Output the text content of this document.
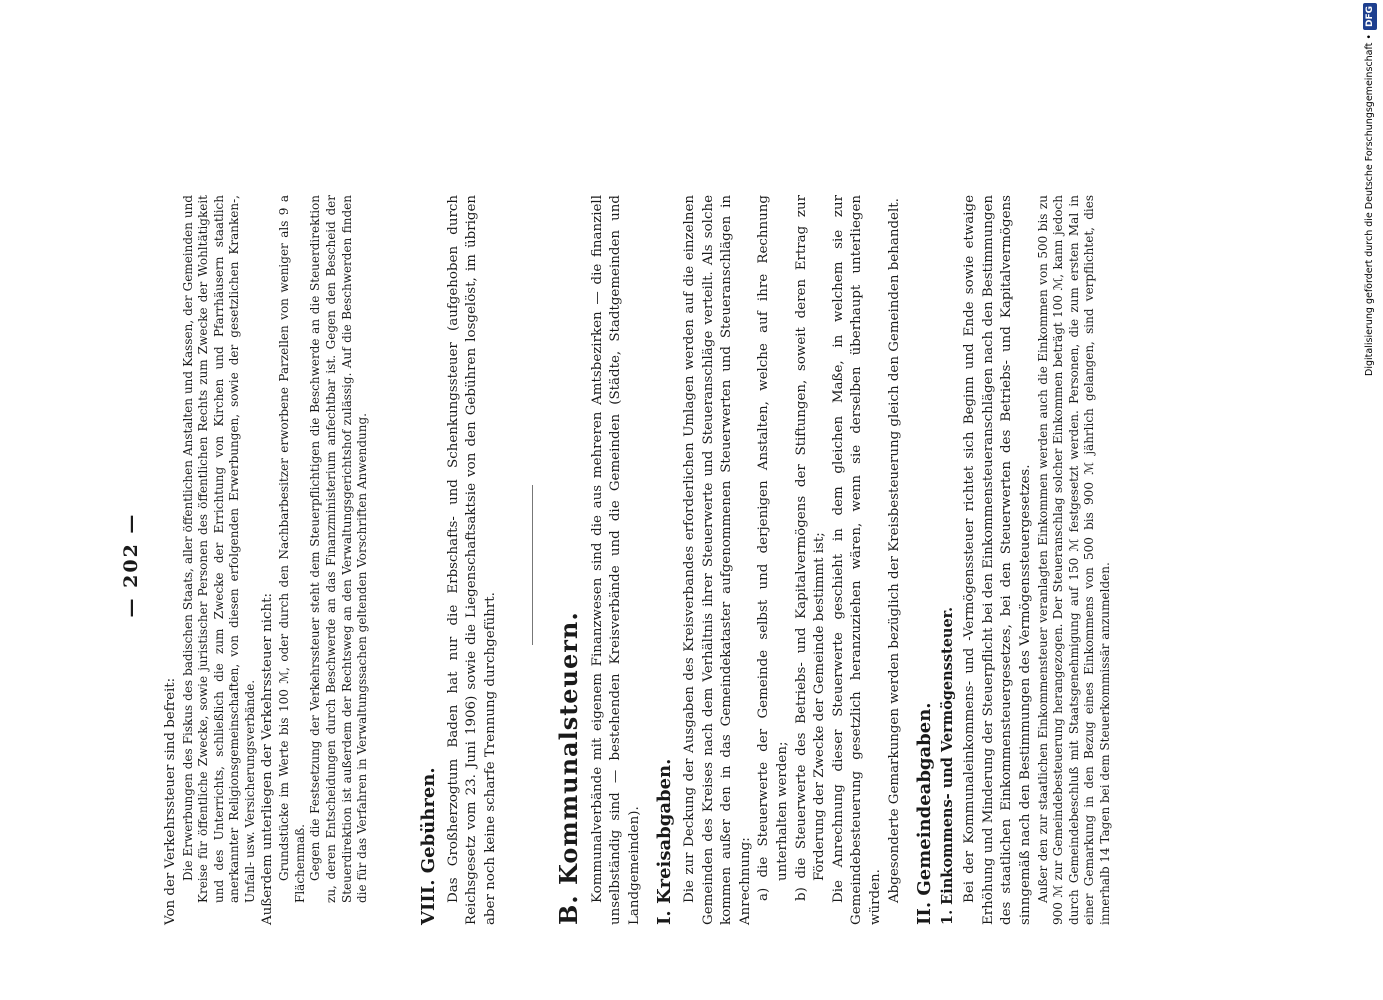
— 202 —

Von der Verkehrssteuer sind befreit: Die Erwerbungen des Fiskus des badischen Staats, aller öffentlichen Anstalten und Kassen, der Gemeinden und Kreise für öffentliche Zwecke, sowie juristischer Personen des öffentlichen Rechts zum Zwecke der Wohltätigkeit und des Unterrichts, schließlich die zum Zwecke der Errichtung von Kirchen und Pfarrhäusern staatlich anerkannter Religionsgemeinschaften, von diesen erfolgenden Erwerbungen, sowie der gesetzlichen Kranken-, Unfall- usw. Versicherungsverbände. Außerdem unterliegen der Verkehrssteuer nicht: Grundstücke im Werte bis 100 ℳ, oder durch den Nachbarbesitzer erworbene Parzellen von weniger als 9 a Flächenmaß. Gegen die Festsetzung der Verkehrssteuer steht dem Steuerpflichtigen die Beschwerde an die Steuerdirektion zu, deren Entscheidungen durch Beschwerde an das Finanzministerium anfechtbar ist. Gegen den Bescheid der Steuerdirektion ist außerdem der Rechtsweg an den Verwaltungsgerichtshof zulässig. Auf die Beschwerden finden die für das Verfahren in Verwaltungssachen geltenden Vorschriften Anwendung.	VIII. Gebühren. Das Großherzogtum Baden hat nur die Erbschafts- und Schenkungssteuer (aufgehoben durch Reichsgesetz vom 23. Juni 1906) sowie die Liegenschaftsaktsie von den Gebühren losgelöst, im übrigen aber noch keine scharfe Trennung durchgeführt. B. Kommunalsteuern. Kommunalverbände mit eigenem Finanzwesen sind die aus mehreren Amtsbezirken — die finanziell unselbständig sind — bestehenden Kreisverbände und die Gemeinden (Städte, Stadtgemeinden und Landgemeinden). I. Kreisabgaben. Die zur Deckung der Ausgaben des Kreisverbandes erforderlichen Umlagen werden auf die einzelnen Gemeinden des Kreises nach dem Verhältnis ihrer Steuerwerte und Steueranschläge verteilt. Als solche kommen außer den in das Gemeindekataster aufgenommenen Steuerwerten und Steueranschlägen in Anrechnung: a) die Steuerwerte der Gemeinde selbst und derjenigen Anstalten, welche auf ihre Rechnung unterhalten werden; b) die Steuerwerte des Betriebs- und Kapitalvermögens der Stiftungen, soweit deren Ertrag zur Förderung der Zwecke der Gemeinde bestimmt ist; Die Anrechnung dieser Steuerwerte geschieht in dem gleichen Maße, in welchem sie zur Gemeindebesteuerung gesetzlich heranzuziehen wären, wenn sie derselben überhaupt unterliegen würden. Abgesonderte Gemarkungen werden bezüglich der Kreisbesteuerung gleich den Gemeinden behandelt. II. Gemeindeabgaben. 1. Einkommens- und Vermögenssteuer. Bei der Kommunaleinkommens- und -Vermögenssteuer richtet sich Beginn und Ende sowie etwaige Erhöhung und Minderung der Steuerpflicht bei den Einkommensteueranschlägen nach den Bestimmungen des staatlichen Einkommensteuergesetzes, bei den Steuerwerten des Betriebs- und Kapitalvermögens sinngemäß nach den Bestimmungen des Vermögenssteuergesetzes. Außer den zur staatlichen Einkommensteuer veranlagten Einkommen werden auch die Einkommen von 500 bis zu 900 ℳ zur Gemeindebesteuerung herangezogen. Der Steueranschlag solcher Einkommen beträgt 100 ℳ, kann jedoch durch Gemeindebeschluß mit Staatsgenehmigung auf 150 ℳ festgesetzt werden. Personen, die zum ersten Mal in einer Gemarkung in den Bezug eines Einkommens von 500 bis 900 ℳ jährlich gelangen, sind verpflichtet, dies innerhalb 14 Tagen bei dem Steuerkommissär anzumelden.

Digitalisierung gefördert durch die Deutsche Forschungsgemeinschaft •
DFG
